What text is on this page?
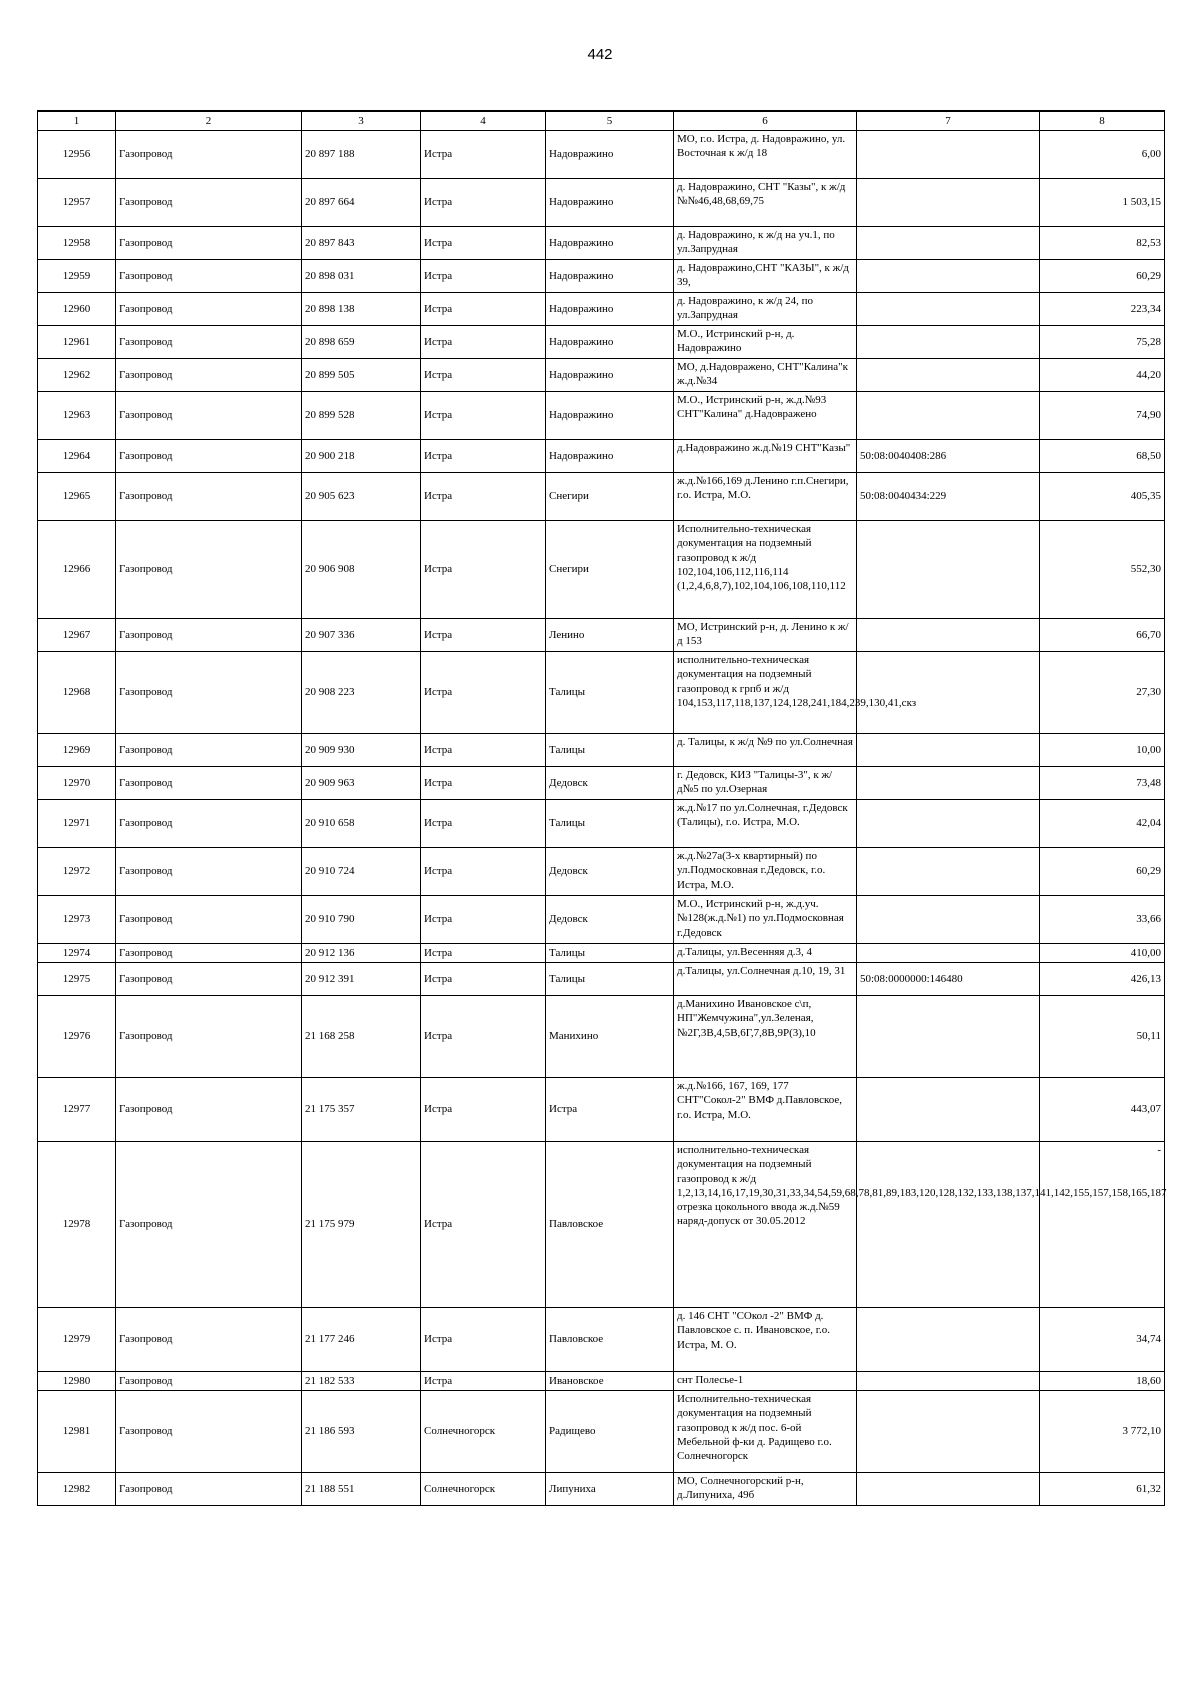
442
1	2	3	4	5	6	7	8
12956	Газопровод	20 897 188	Истра	Надовражино	МО, г.о. Истра, д. Надовражино, ул. Восточная к ж/д 18		6,00
12957	Газопровод	20 897 664	Истра	Надовражино	д. Надовражино, СНТ "Казы", к ж/д №№46,48,68,69,75		1 503,15
12958	Газопровод	20 897 843	Истра	Надовражино	д. Надовражино, к ж/д на уч.1, по ул.Запрудная		82,53
12959	Газопровод	20 898 031	Истра	Надовражино	д. Надовражино,СНТ "КАЗЫ", к ж/д 39,		60,29
12960	Газопровод	20 898 138	Истра	Надовражино	д. Надовражино, к ж/д 24, по ул.Запрудная		223,34
12961	Газопровод	20 898 659	Истра	Надовражино	М.О., Истринский р-н, д. Надовражино		75,28
12962	Газопровод	20 899 505	Истра	Надовражино	МО, д.Надовражено, СНТ"Калина"к ж.д.№34		44,20
12963	Газопровод	20 899 528	Истра	Надовражино	М.О., Истринский р-н, ж.д.№93 СНТ"Калина" д.Надовражено		74,90
12964	Газопровод	20 900 218	Истра	Надовражино	д.Надовражино ж.д.№19 СНТ"Казы"	50:08:0040408:286	68,50
12965	Газопровод	20 905 623	Истра	Снегири	ж.д.№166,169 д.Ленино г.п.Снегири, г.о. Истра, М.О.	50:08:0040434:229	405,35
12966	Газопровод	20 906 908	Истра	Снегири	Исполнительно-техническая документация на подземный газопровод к ж/д 102,104,106,112,116,114 (1,2,4,6,8,7),102,104,106,108,110,112		552,30
12967	Газопровод	20 907 336	Истра	Ленино	МО, Истринский р-н, д. Ленино к ж/д 153		66,70
12968	Газопровод	20 908 223	Истра	Талицы	исполнительно-техническая документация на подземный газопровод к грпб и ж/д 104,153,117,118,137,124,128,241,184,239,130,41,скз		27,30
12969	Газопровод	20 909 930	Истра	Талицы	д. Талицы, к ж/д №9 по ул.Солнечная		10,00
12970	Газопровод	20 909 963	Истра	Дедовск	г. Дедовск, КИЗ "Талицы-3", к ж/д№5 по ул.Озерная		73,48
12971	Газопровод	20 910 658	Истра	Талицы	ж.д.№17 по ул.Солнечная, г.Дедовск (Талицы), г.о. Истра, М.О.		42,04
12972	Газопровод	20 910 724	Истра	Дедовск	ж.д.№27а(3-х квартирный) по ул.Подмосковная г.Дедовск, г.о. Истра, М.О.		60,29
12973	Газопровод	20 910 790	Истра	Дедовск	М.О., Истринский р-н, ж.д.уч.№128(ж.д.№1) по ул.Подмосковная г.Дедовск		33,66
12974	Газопровод	20 912 136	Истра	Талицы	д.Талицы, ул.Весенняя д.3, 4		410,00
12975	Газопровод	20 912 391	Истра	Талицы	д.Талицы, ул.Солнечная д.10, 19, 31	50:08:0000000:146480	426,13
12976	Газопровод	21 168 258	Истра	Манихино	д.Манихино Ивановское с\п, НП"Жемчужина",ул.Зеленая, №2Г,3В,4,5В,6Г,7,8В,9Р(3),10		50,11
12977	Газопровод	21 175 357	Истра	Истра	ж.д.№166, 167, 169, 177 СНТ"Сокол-2" ВМФ д.Павловское, г.о. Истра, М.О.		443,07
12978	Газопровод	21 175 979	Истра	Павловское	исполнительно-техническая документация на подземный газопровод к ж/д 1,2,13,14,16,17,19,30,31,33,34,54,59,68,78,81,89,183,120,128,132,133,138,137,141,142,155,157,158,165,187 отрезка цокольного ввода ж.д.№59 наряд-допуск от 30.05.2012		-
12979	Газопровод	21 177 246	Истра	Павловское	д. 146 СНТ "СОкол -2" ВМФ д. Павловское с. п. Ивановское, г.о. Истра, М. О.		34,74
12980	Газопровод	21 182 533	Истра	Ивановское	снт Полесье-1		18,60
12981	Газопровод	21 186 593	Солнечногорск	Радищево	Исполнительно-техническая документация на подземный газопровод к ж/д пос. 6-ой Мебельной ф-ки д. Радищево г.о. Солнечногорск		3 772,10
12982	Газопровод	21 188 551	Солнечногорск	Липуниха	МО, Солнечногорский р-н, д.Липуниха, 49б		61,32
